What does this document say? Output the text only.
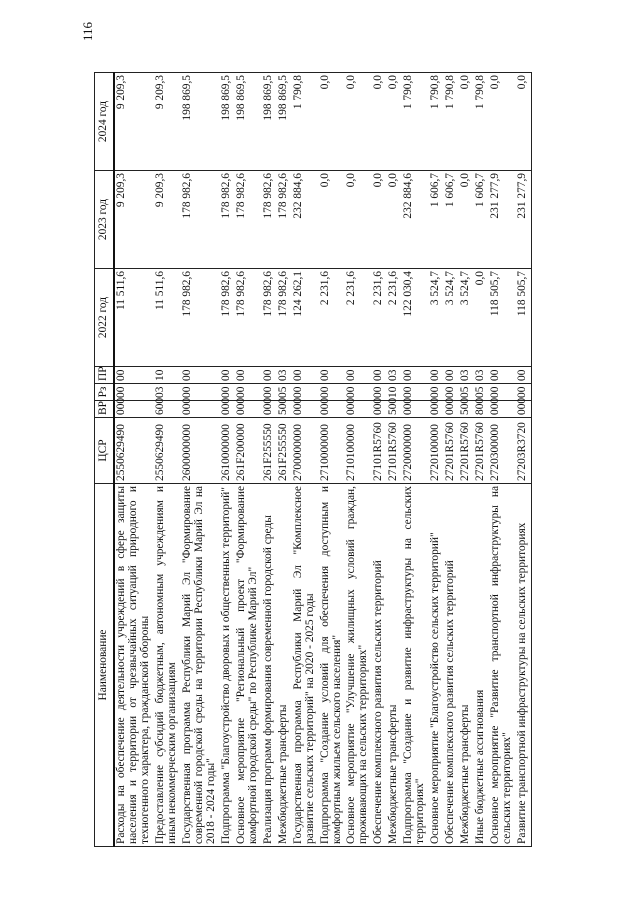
116
Наименование	ЦСР	ВР	Рз	ПР	2022 год	2023 год	2024 год
Расходы на обеспечение деятельности учреждений в сфере защиты населения и территории от чрезвычайных ситуаций природного и техногенного характера, гражданской обороны	2550629490	000	00	00	11 511,6	9 209,3	9 209,3
Предоставление субсидий бюджетным, автономным учреждениям и иным некоммерческим организациям	2550629490	600	03	10	11 511,6	9 209,3	9 209,3
Государственная программа Республики Марий Эл "Формирование современной городской среды на территории Республики Марий Эл на 2018 - 2024 годы"	2600000000	000	00	00	178 982,6	178 982,6	198 869,5
Подпрограмма "Благоустройство дворовых и общественных территорий"	2610000000	000	00	00	178 982,6	178 982,6	198 869,5
Основное мероприятие "Региональный проект "Формирование комфортной городской среды" по Республике Марий Эл"	261F200000	000	00	00	178 982,6	178 982,6	198 869,5
Реализация программ формирования современной городской среды	261F255550	000	00	00	178 982,6	178 982,6	198 869,5
Межбюджетные трансферты	261F255550	500	05	03	178 982,6	178 982,6	198 869,5
Государственная программа Республики Марий Эл "Комплексное развитие сельских территорий" на 2020 - 2025 годы	2700000000	000	00	00	124 262,1	232 884,6	1 790,8
Подпрограмма "Создание условий для обеспечения доступным и комфортным жильем сельского населения"	2710000000	000	00	00	2 231,6	0,0	0,0
Основное мероприятие "Улучшение жилищных условий граждан, проживающих на сельских территориях"	2710100000	000	00	00	2 231,6	0,0	0,0
Обеспечение комплексного развития сельских территорий	27101R5760	000	00	00	2 231,6	0,0	0,0
Межбюджетные трансферты	27101R5760	500	10	03	2 231,6	0,0	0,0
Подпрограмма "Создание и развитие инфраструктуры на сельских территориях"	2720000000	000	00	00	122 030,4	232 884,6	1 790,8
Основное мероприятие "Благоустройство сельских территорий"	2720100000	000	00	00	3 524,7	1 606,7	1 790,8
Обеспечение комплексного развития сельских территорий	27201R5760	000	00	00	3 524,7	1 606,7	1 790,8
Межбюджетные трансферты	27201R5760	500	05	03	3 524,7	0,0	0,0
Иные бюджетные ассигнования	27201R5760	800	05	03	0,0	1 606,7	1 790,8
Основное мероприятие "Развитие транспортной инфраструктуры на сельских территориях"	2720300000	000	00	00	118 505,7	231 277,9	0,0
Развитие транспортной инфраструктуры на сельских территориях	27203R3720	000	00	00	118 505,7	231 277,9	0,0
